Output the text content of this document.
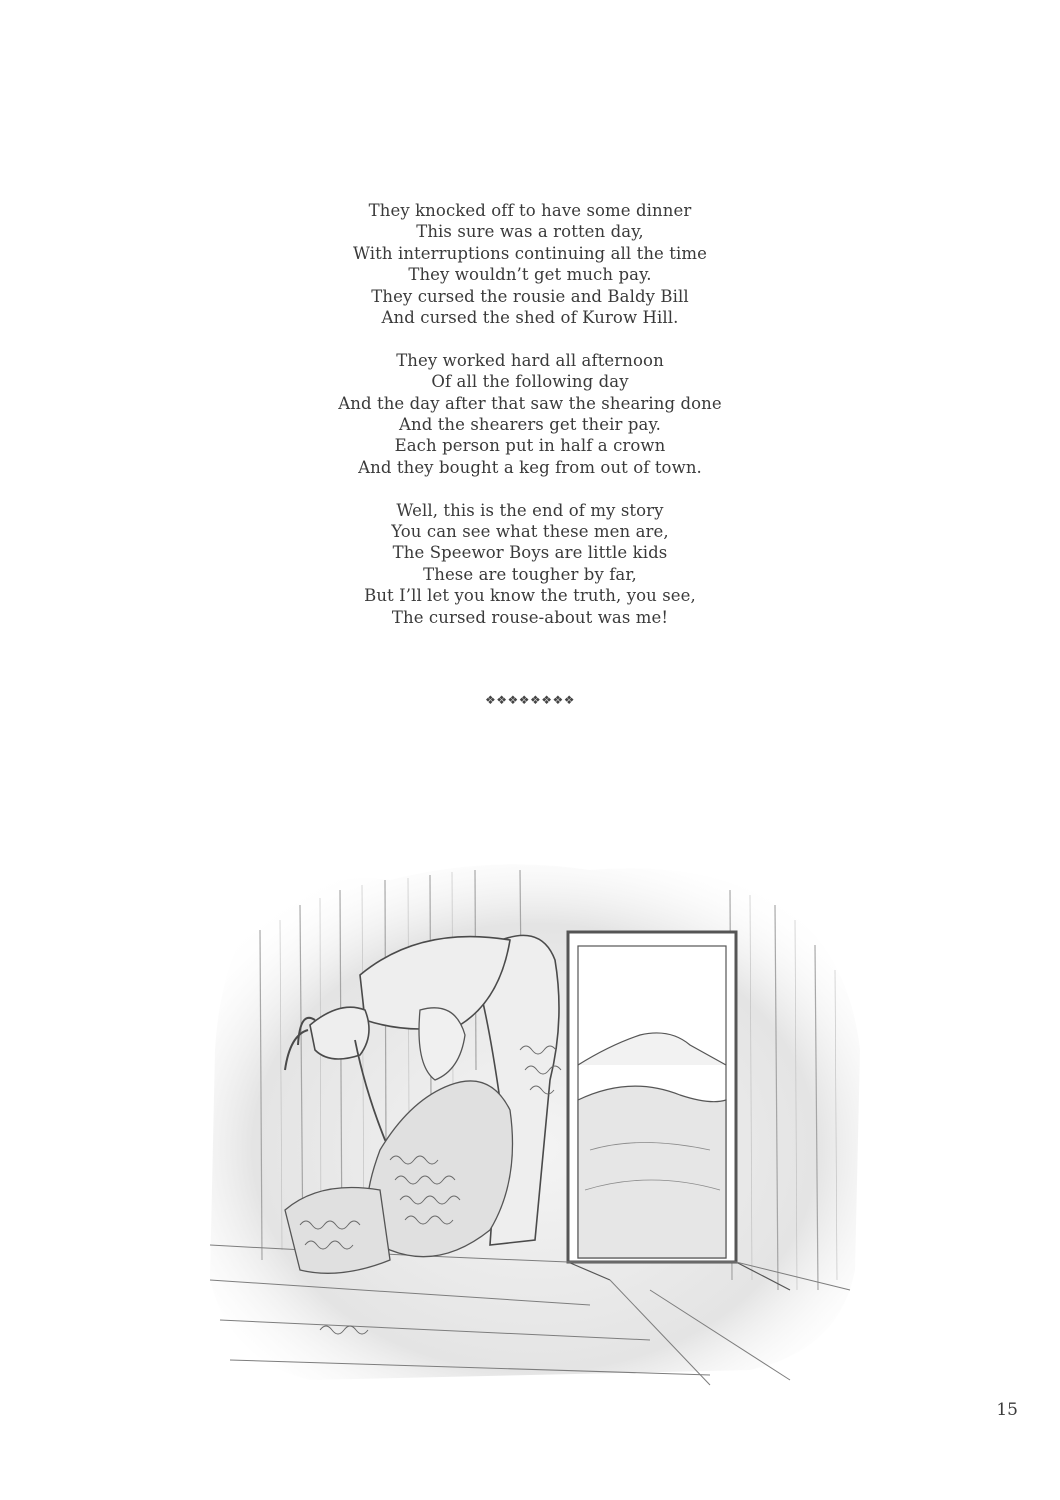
They knocked off to have some dinner
This sure was a rotten day,
With interruptions continuing all the time
They wouldn’t get much pay.
They cursed the rousie and Baldy Bill
And cursed the shed of Kurow Hill.
They worked hard all afternoon
Of all the following day
And the day after that saw the shearing done
And the shearers get their pay.
Each person put in half a crown
And they bought a keg from out of town.
Well, this is the end of my story
You can see what these men are,
The Speewor Boys are little kids
These are tougher by far,
But I’ll let you know the truth, you see,
The cursed rouse-about was me!
❖❖❖❖❖❖❖❖
15
